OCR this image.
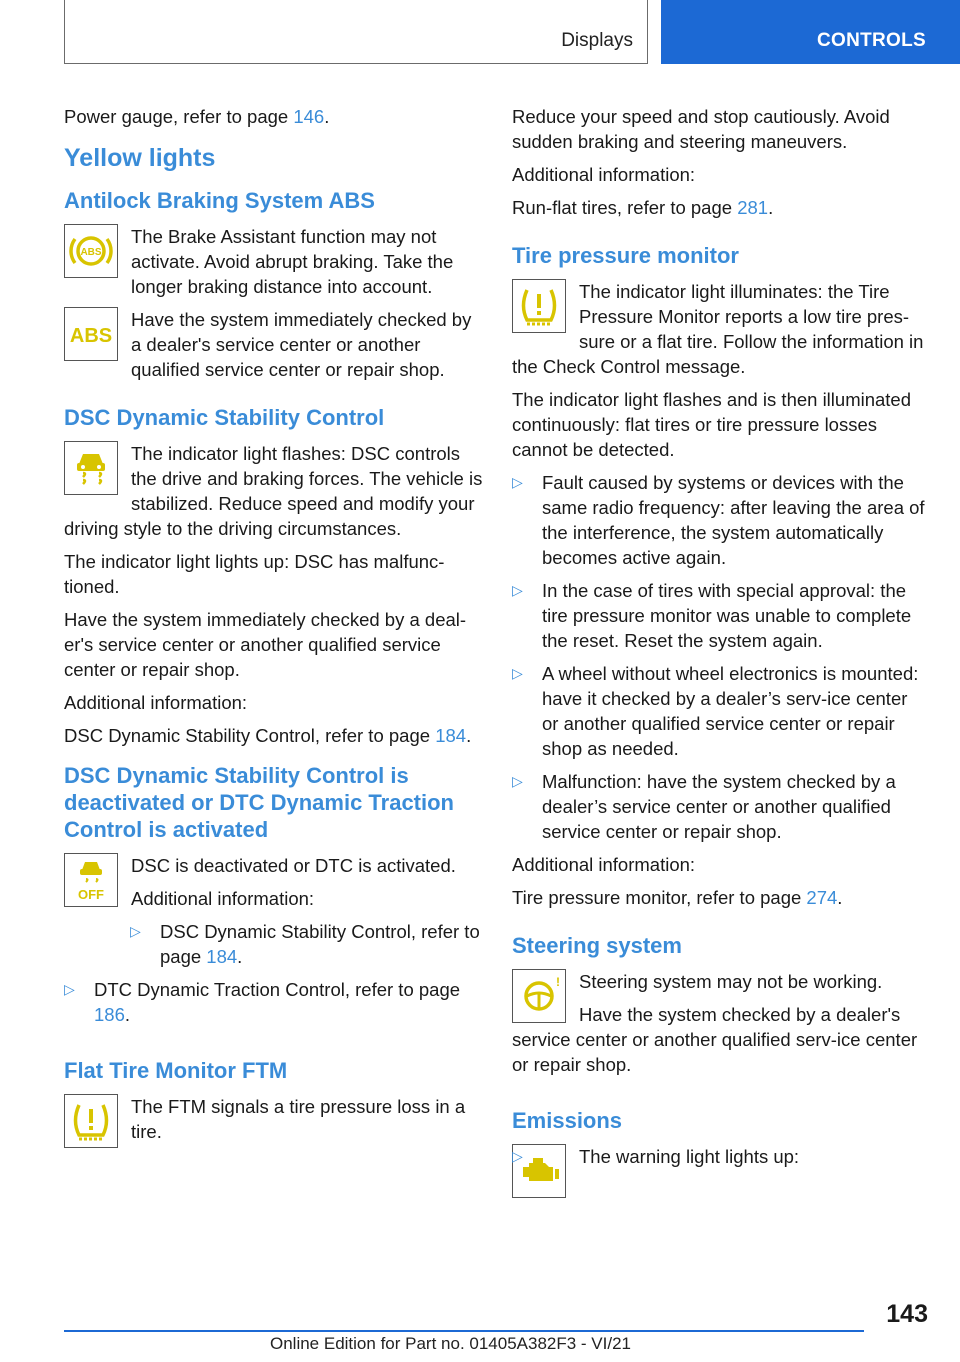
Displays	CONTROLS

Power gauge, refer to page 146.

Yellow lights
Antilock Braking System ABS
ABS

The Brake Assistant function may not activate. Avoid abrupt braking. Take the longer braking distance into account.

ABS

Have the system immediately checked by a dealer's service center or another qualified service center or repair shop.

DSC Dynamic Stability Control

The indicator light flashes: DSC controls the drive and braking forces. The vehicle is stabilized. Reduce speed and modify your driving style to the driving circumstances.

The indicator light lights up: DSC has malfunc-tioned.

Have the system immediately checked by a deal-er's service center or another qualified service center or repair shop.

Additional information:

DSC Dynamic Stability Control, refer to page 184.

DSC Dynamic Stability Control is deactivated or DTC Dynamic Traction Control is activated
OFF

DSC is deactivated or DTC is activated.

Additional information:

▷ DSC Dynamic Stability Control, refer to page 184.
▷ DTC Dynamic Traction Control, refer to page 186.
Flat Tire Monitor FTM

The FTM signals a tire pressure loss in a tire.

Reduce your speed and stop cautiously. Avoid sudden braking and steering maneuvers.

Additional information:

Run-flat tires, refer to page 281.

Tire pressure monitor

The indicator light illuminates: the Tire Pressure Monitor reports a low tire pres-sure or a flat tire. Follow the information in the Check Control message.

The indicator light flashes and is then illuminated continuously: flat tires or tire pressure losses cannot be detected.

▷ Fault caused by systems or devices with the same radio frequency: after leaving the area of the interference, the system automatically becomes active again.
▷ In the case of tires with special approval: the tire pressure monitor was unable to complete the reset. Reset the system again.
▷ A wheel without wheel electronics is mounted: have it checked by a dealer’s serv-ice center or another qualified service center or repair shop as needed.
▷ Malfunction: have the system checked by a dealer’s service center or another qualified service center or repair shop.

Additional information:

Tire pressure monitor, refer to page 274.

Steering system
!	Steering system may not be working.

Have the system checked by a dealer's service center or another qualified serv-ice center or repair shop.

Emissions
▷	The warning light lights up:
143
Online Edition for Part no. 01405A382F3 - VI/21
